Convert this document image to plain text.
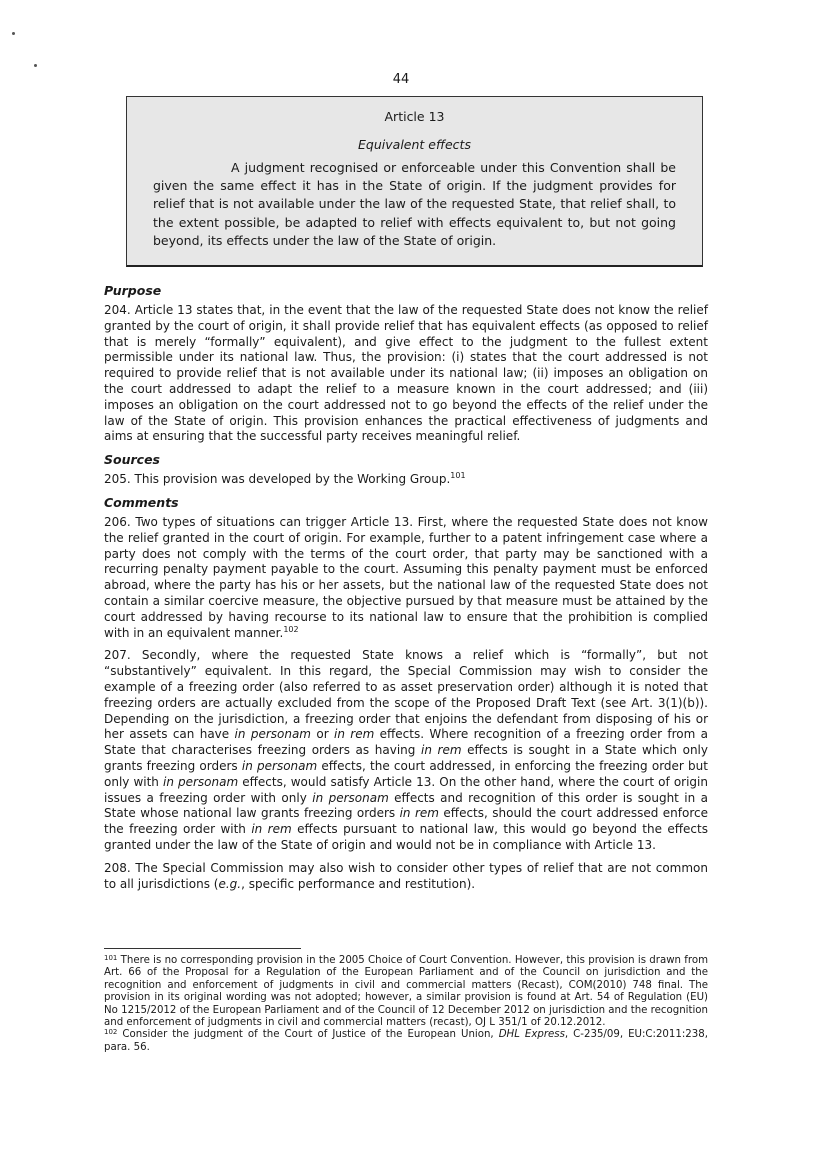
44
Article 13
Equivalent effects

A judgment recognised or enforceable under this Convention shall be given the same effect it has in the State of origin. If the judgment provides for relief that is not available under the law of the requested State, that relief shall, to the extent possible, be adapted to relief with effects equivalent to, but not going beyond, its effects under the law of the State of origin.

Purpose

204. Article 13 states that, in the event that the law of the requested State does not know the relief granted by the court of origin, it shall provide relief that has equivalent effects (as opposed to relief that is merely “formally” equivalent), and give effect to the judgment to the fullest extent permissible under its national law. Thus, the provision: (i) states that the court addressed is not required to provide relief that is not available under its national law; (ii) imposes an obligation on the court addressed to adapt the relief to a measure known in the court addressed; and (iii) imposes an obligation on the court addressed not to go beyond the effects of the relief under the law of the State of origin. This provision enhances the practical effectiveness of judgments and aims at ensuring that the successful party receives meaningful relief.

Sources

205. This provision was developed by the Working Group.$^{101}$

Comments

206. Two types of situations can trigger Article 13. First, where the requested State does not know the relief granted in the court of origin. For example, further to a patent infringement case where a party does not comply with the terms of the court order, that party may be sanctioned with a recurring penalty payment payable to the court. Assuming this penalty payment must be enforced abroad, where the party has his or her assets, but the national law of the requested State does not contain a similar coercive measure, the objective pursued by that measure must be attained by the court addressed by having recourse to its national law to ensure that the prohibition is complied with in an equivalent manner.$^{102}$

207. Secondly, where the requested State knows a relief which is “formally”, but not “substantively” equivalent. In this regard, the Special Commission may wish to consider the example of a freezing order (also referred to as asset preservation order) although it is noted that freezing orders are actually excluded from the scope of the Proposed Draft Text (see Art. 3(1)(b)). Depending on the jurisdiction, a freezing order that enjoins the defendant from disposing of his or her assets can have in personam or in rem effects. Where recognition of a freezing order from a State that characterises freezing orders as having in rem effects is sought in a State which only grants freezing orders in personam effects, the court addressed, in enforcing the freezing order but only with in personam effects, would satisfy Article 13. On the other hand, where the court of origin issues a freezing order with only in personam effects and recognition of this order is sought in a State whose national law grants freezing orders in rem effects, should the court addressed enforce the freezing order with in rem effects pursuant to national law, this would go beyond the effects granted under the law of the State of origin and would not be in compliance with Article 13.

208. The Special Commission may also wish to consider other types of relief that are not common to all jurisdictions (e.g., specific performance and restitution).

$^{101}$ There is no corresponding provision in the 2005 Choice of Court Convention. However, this provision is drawn from Art. 66 of the Proposal for a Regulation of the European Parliament and of the Council on jurisdiction and the recognition and enforcement of judgments in civil and commercial matters (Recast), COM(2010) 748 final. The provision in its original wording was not adopted; however, a similar provision is found at Art. 54 of Regulation (EU) No 1215/2012 of the European Parliament and of the Council of 12 December 2012 on jurisdiction and the recognition and enforcement of judgments in civil and commercial matters (recast), OJ L 351/1 of 20.12.2012.

$^{102}$ Consider the judgment of the Court of Justice of the European Union, DHL Express, C-235/09, EU:C:2011:238, para. 56.
